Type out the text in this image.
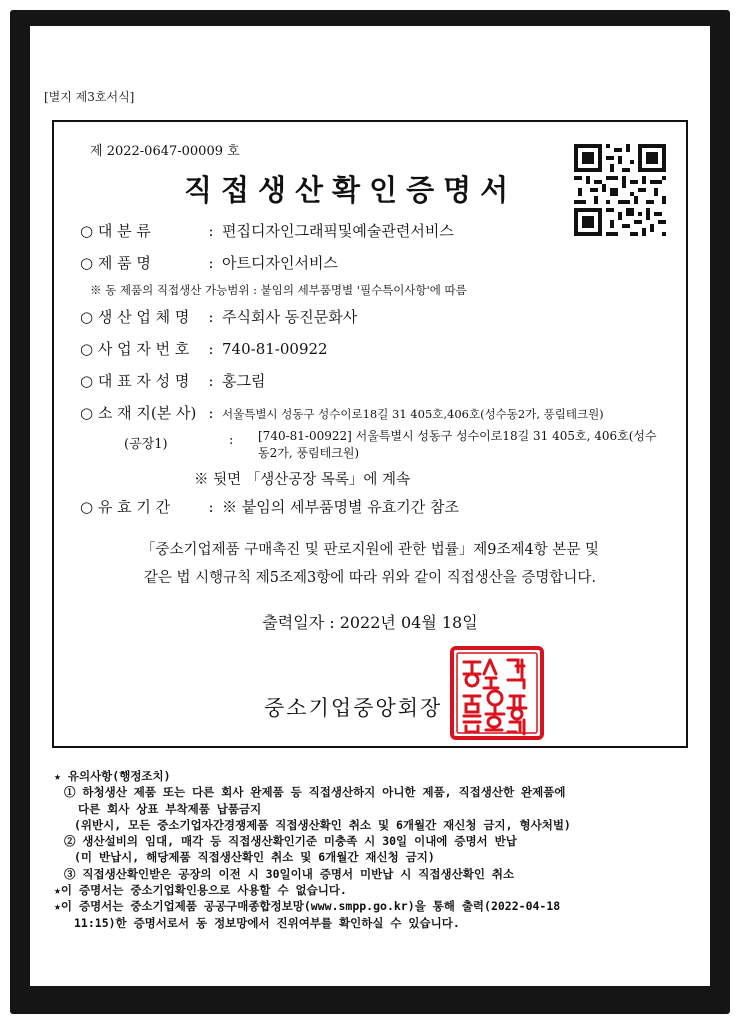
[별지 제3호서식]
제 2022-0647-00009 호
직접생산확인증명서
○ 대 분 류	: 편집디자인그래픽및예술관련서비스
○ 제 품 명	: 아트디자인서비스
※ 동 제품의 직접생산 가능범위 : 붙임의 세부품명별 '필수특이사항'에 따름
○ 생 산 업 체 명 : 주식회사 동진문화사
○ 사 업 자 번 호 : 740-81-00922
○ 대 표 자 성 명 : 홍그림
○ 소 재 지(본 사) : 서울특별시 성동구 성수이로18길 31 405호,406호(성수동2가, 풍림테크원)
(공장1)	: [740-81-00922] 서울특별시 성동구 성수이로18길 31 405호, 406호(성수동2가, 풍림테크원)
※ 뒷면 「생산공장 목록」에 계속
○ 유 효 기 간	: ※ 붙임의 세부품명별 유효기간 참조
「중소기업제품 구매촉진 및 판로지원에 관한 법률」제9조제4항 본문 및
같은 법 시행규칙 제5조제3항에 따라 위와 같이 직접생산을 증명합니다.
출력일자 : 2022년 04월 18일
중소기업중앙회장
★ 유의사항(행정조치)
① 하청생산 제품 또는 다른 회사 완제품 등 직접생산하지 아니한 제품, 직접생산한 완제품에
다른 회사 상표 부착제품 납품금지
(위반시, 모든 중소기업자간경쟁제품 직접생산확인 취소 및 6개월간 재신청 금지, 형사처벌)
② 생산설비의 임대, 매각 등 직접생산확인기준 미충족 시 30일 이내에 증명서 반납
(미 반납시, 해당제품 직접생산확인 취소 및 6개월간 재신청 금지)
③ 직접생산확인받은 공장의 이전 시 30일이내 증명서 미반납 시 직접생산확인 취소
★이 증명서는 중소기업확인용으로 사용할 수 없습니다.
★이 증명서는 중소기업제품 공공구매종합정보망(www.smpp.go.kr)을 통해 출력(2022-04-18
11:15)한 증명서로서 동 정보망에서 진위여부를 확인하실 수 있습니다.
